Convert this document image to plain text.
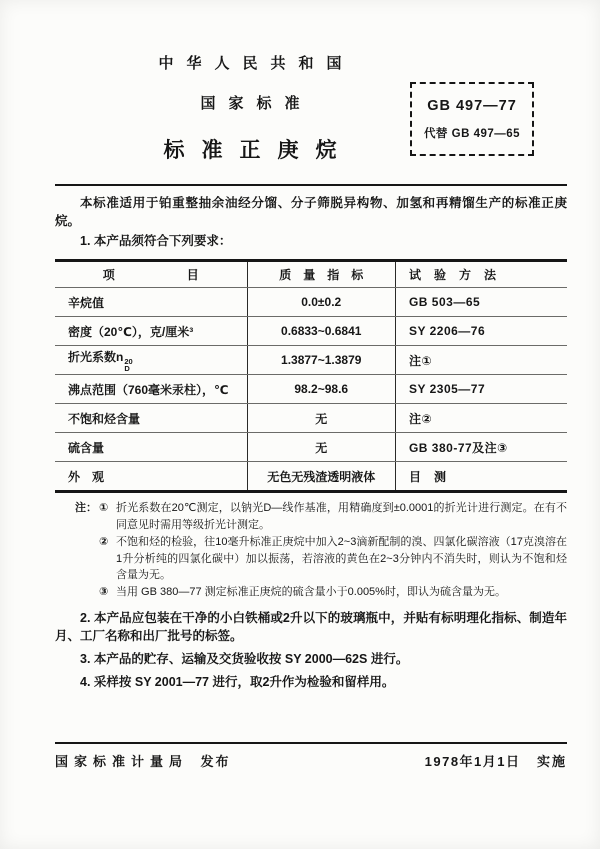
中华人民共和国
国家标准
标准正庚烷
GB 497—77
代替 GB 497—65

本标准适用于铂重整抽余油经分馏、分子筛脱异构物、加氢和再精馏生产的标准正庚烷。

1. 本产品须符合下列要求：

项　　　　　　目	质　量　指　标	试　验　方　法
辛烷值	0.0±0.2	GB 503—65
密度（20℃），克/厘米³	0.6833~0.6841	SY 2206—76
折光系数n 20
D	1.3877~1.3879	注①
沸点范围（760毫米汞柱），℃	98.2~98.6	SY 2305—77
不饱和烃含量	无	注②
硫含量	无	GB 380-77及注③
外　观	无色无残渣透明液体	目　测
注： ① 折光系数在20℃测定，以钠光D—线作基准，用精确度到±0.0001的折光计进行测定。在有不同意见时需用等级折光计测定。
② 不饱和烃的检验，往10毫升标准正庚烷中加入2~3滴新配制的溴、四氯化碳溶液（17克溴溶在1升分析纯的四氯化碳中）加以振荡，若溶液的黄色在2~3分钟内不消失时，则认为不饱和烃含量为无。
③ 当用 GB 380—77 测定标准正庚烷的硫含量小于0.005%时，即认为硫含量为无。

2. 本产品应包装在干净的小白铁桶或2升以下的玻璃瓶中，并贴有标明理化指标、制造年 月、工厂名称和出厂批号的标签。

3. 本产品的贮存、运输及交货验收按 SY 2000—62S 进行。

4. 采样按 SY 2001—77 进行，取2升作为检验和留样用。

国家标准计量局 发布	1978年1月1日 实施
